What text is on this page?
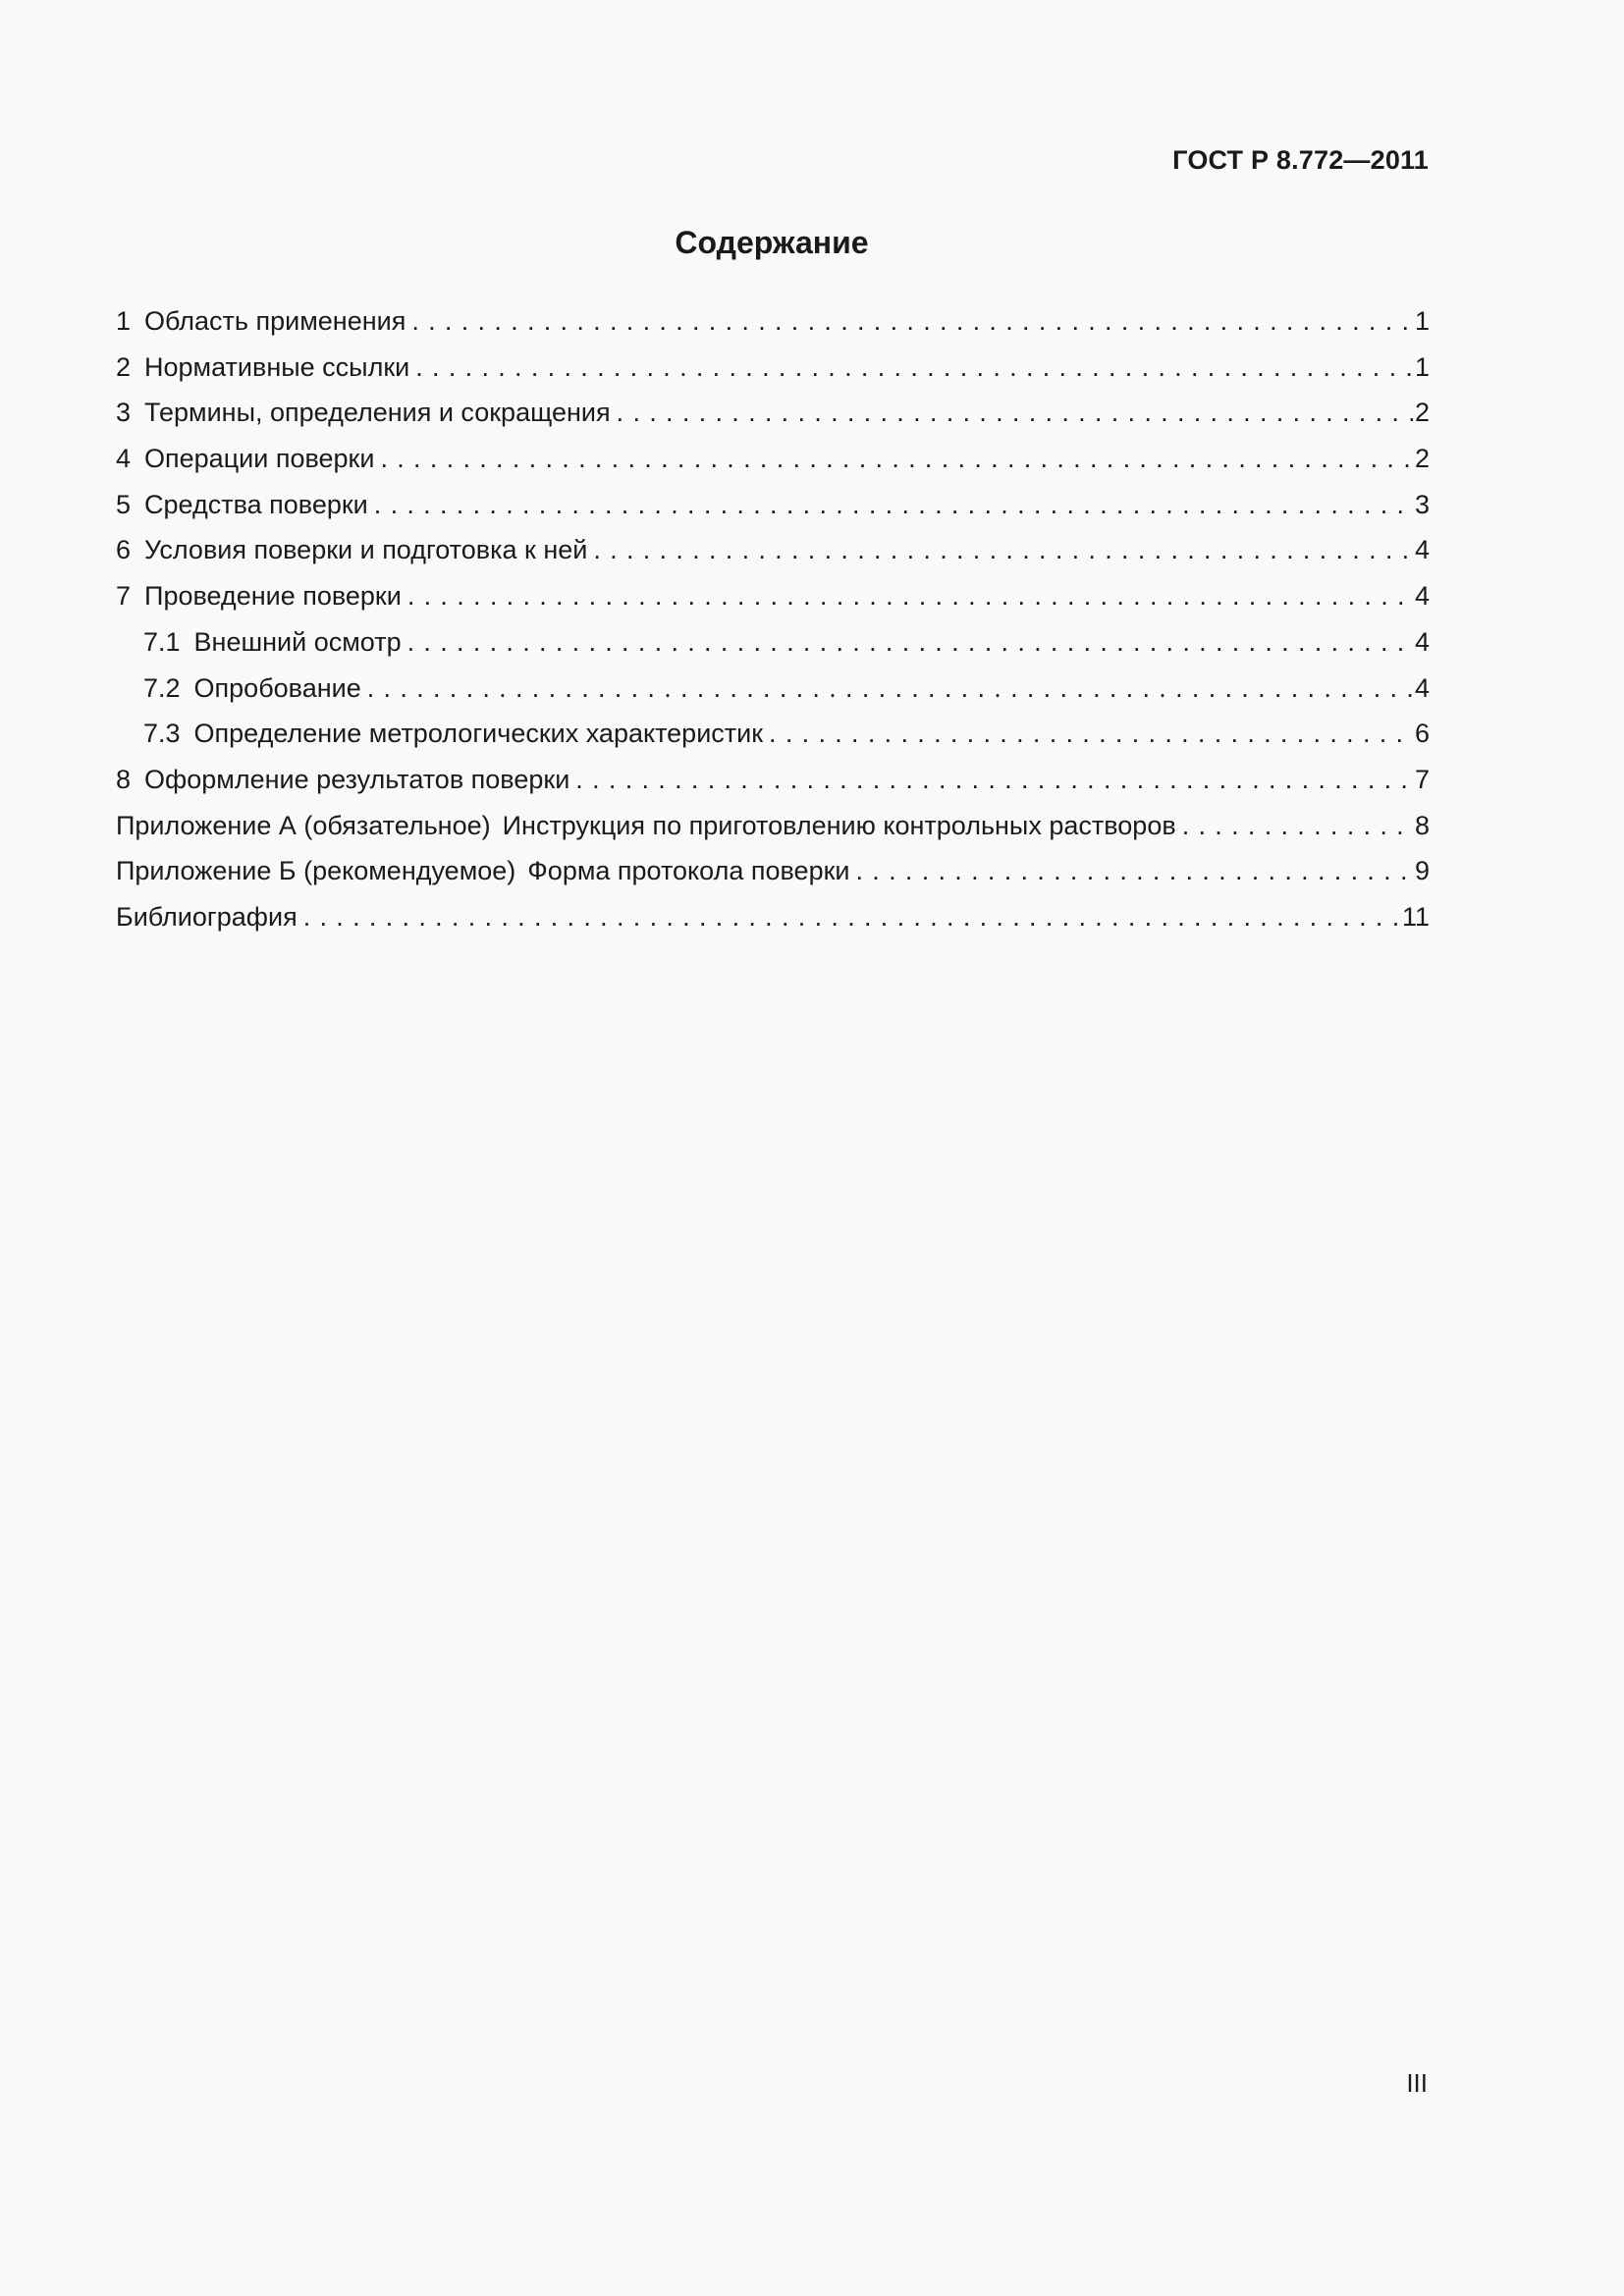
ГОСТ Р 8.772—2011
Содержание
1 Область применения . . .	1
2 Нормативные ссылки . . .	1
3 Термины, определения и сокращения . . .	2
4 Операции поверки . . .	2
5 Средства поверки . . .	3
6 Условия поверки и подготовка к ней . . .	4
7 Проведение поверки . . .	4
7.1 Внешний осмотр . . .	4
7.2 Опробование . . .	4
7.3 Определение метрологических характеристик . . .	6
8 Оформление результатов поверки . . .	7
Приложение А (обязательное) Инструкция по приготовлению контрольных растворов . . .	8
Приложение Б (рекомендуемое) Форма протокола поверки . . .	9
Библиография . . .	11
III
